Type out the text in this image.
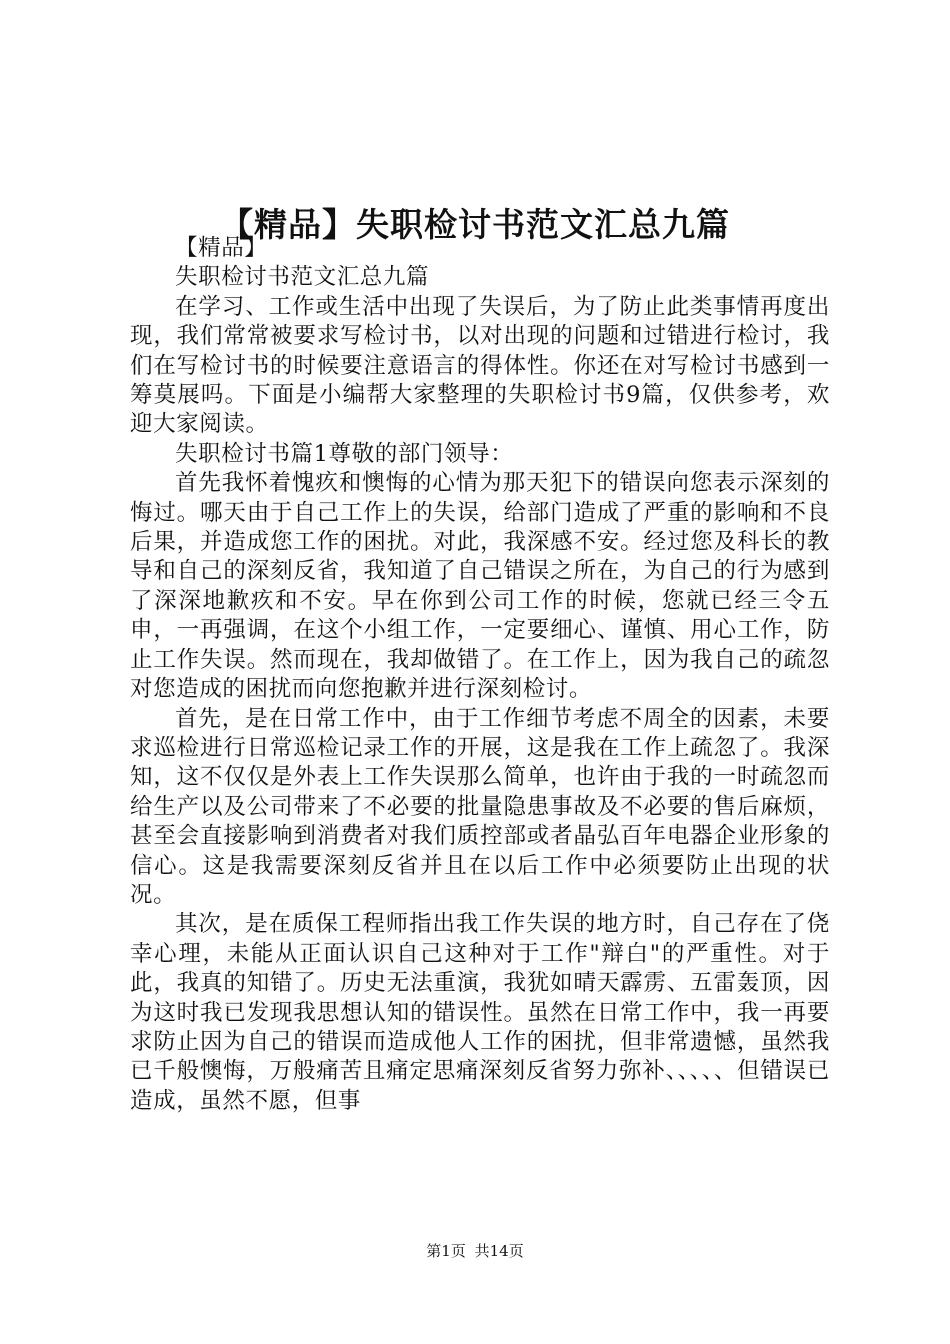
【精品】失职检讨书范文汇总九篇

【精品】

失职检讨书范文汇总九篇

在学习、工作或生活中出现了失误后，为了防止此类事情再度出现，我们常常被要求写检讨书，以对出现的问题和过错进行检讨，我们在写检讨书的时候要注意语言的得体性。你还在对写检讨书感到一筹莫展吗。下面是小编帮大家整理的失职检讨书9篇，仅供参考，欢迎大家阅读。

失职检讨书篇1尊敬的部门领导：

首先我怀着愧疚和懊悔的心情为那天犯下的错误向您表示深刻的悔过。哪天由于自己工作上的失误，给部门造成了严重的影响和不良后果，并造成您工作的困扰。对此，我深感不安。经过您及科长的教导和自己的深刻反省，我知道了自己错误之所在，为自己的行为感到了深深地歉疚和不安。早在你到公司工作的时候，您就已经三令五申，一再强调，在这个小组工作，一定要细心、谨慎、用心工作，防止工作失误。然而现在，我却做错了。在工作上，因为我自己的疏忽对您造成的困扰而向您抱歉并进行深刻检讨。

首先，是在日常工作中，由于工作细节考虑不周全的因素，未要求巡检进行日常巡检记录工作的开展，这是我在工作上疏忽了。我深知，这不仅仅是外表上工作失误那么简单，也许由于我的一时疏忽而给生产以及公司带来了不必要的批量隐患事故及不必要的售后麻烦，甚至会直接影响到消费者对我们质控部或者晶弘百年电器企业形象的信心。这是我需要深刻反省并且在以后工作中必须要防止出现的状况。

其次，是在质保工程师指出我工作失误的地方时，自己存在了侥幸心理，未能从正面认识自己这种对于工作"辩白"的严重性。对于此，我真的知错了。历史无法重演，我犹如晴天霹雳、五雷轰顶，因为这时我已发现我思想认知的错误性。虽然在日常工作中，我一再要求防止因为自己的错误而造成他人工作的困扰，但非常遗憾，虽然我已千般懊悔，万般痛苦且痛定思痛深刻反省努力弥补、、、、、但错误已造成，虽然不愿，但事

第1页 共14页
